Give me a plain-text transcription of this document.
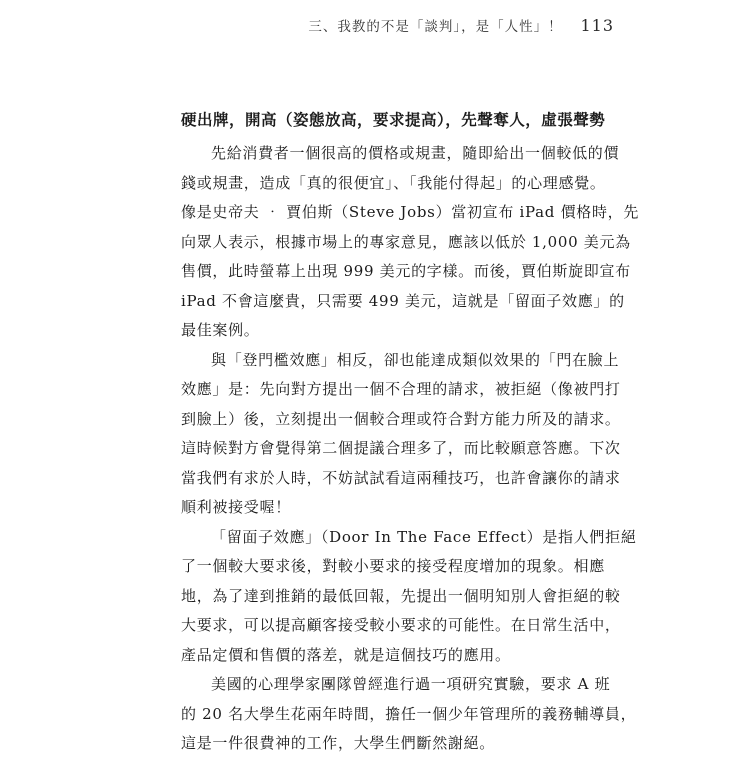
三、我教的不是「談判」，是「人性」！ 113
硬出牌，開高（姿態放高，要求提高），先聲奪人，虛張聲勢
先給消費者一個很高的價格或規畫，隨即給出一個較低的價
錢或規畫，造成「真的很便宜」、「我能付得起」的心理感覺。
像是史帝夫 ‧ 賈伯斯（Steve Jobs）當初宣布 iPad 價格時，先
向眾人表示，根據市場上的專家意見，應該以低於 1,000 美元為
售價，此時螢幕上出現 999 美元的字樣。而後，賈伯斯旋即宣布
iPad 不會這麼貴，只需要 499 美元，這就是「留面子效應」的
最佳案例。
與「登門檻效應」相反，卻也能達成類似效果的「門在臉上
效應」是：先向對方提出一個不合理的請求，被拒絕（像被門打
到臉上）後，立刻提出一個較合理或符合對方能力所及的請求。
這時候對方會覺得第二個提議合理多了，而比較願意答應。下次
當我們有求於人時，不妨試試看這兩種技巧，也許會讓你的請求
順利被接受喔！
「留面子效應」（Door In The Face Effect）是指人們拒絕
了一個較大要求後，對較小要求的接受程度增加的現象。相應
地，為了達到推銷的最低回報，先提出一個明知別人會拒絕的較
大要求，可以提高顧客接受較小要求的可能性。在日常生活中，
產品定價和售價的落差，就是這個技巧的應用。
美國的心理學家團隊曾經進行過一項研究實驗，要求 A 班
的 20 名大學生花兩年時間，擔任一個少年管理所的義務輔導員，
這是一件很費神的工作，大學生們斷然謝絕。
